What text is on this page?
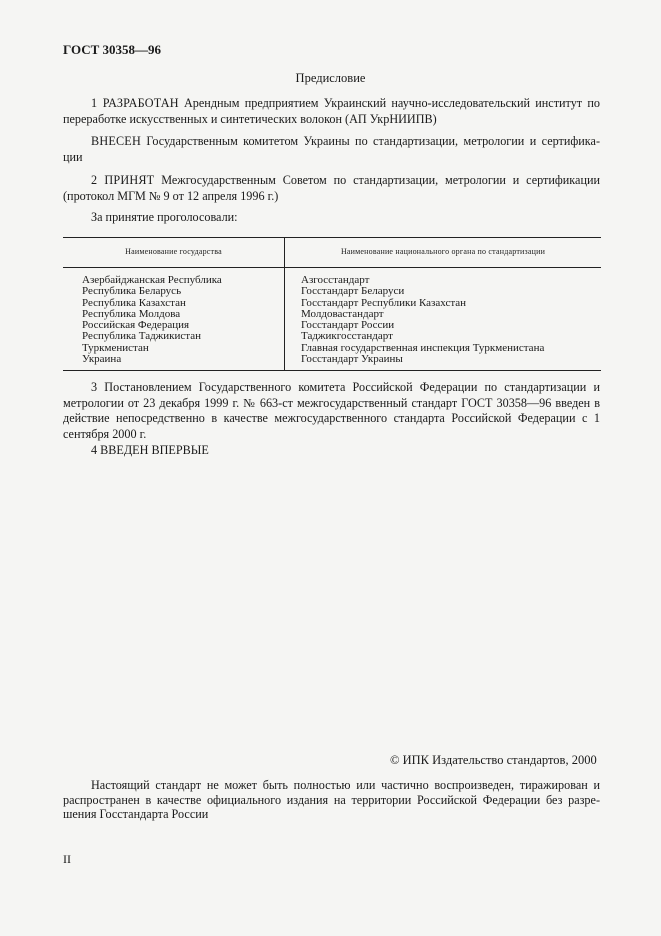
ГОСТ 30358—96
Предисловие
1 РАЗРАБОТАН Арендным предприятием Украинский научно-исследовательский институт по переработке искусственных и синтетических волокон (АП УкрНИИПВ)
ВНЕСЕН Государственным комитетом Украины по стандартизации, метрологии и сертифика-ции
2 ПРИНЯТ Межгосударственным Советом по стандартизации, метрологии и сертификации (протокол МГМ № 9 от 12 апреля 1996 г.)
За принятие проголосовали:
Наименование государства	Наименование национального органа по стандартизации
Азербайджанская Республика
Республика Беларусь
Республика Казахстан
Республика Молдова
Российская Федерация
Республика Таджикистан
Туркменистан
Украина
Азгосстандарт
Госстандарт Беларуси
Госстандарт Республики Казахстан
Молдовастандарт
Госстандарт России
Таджикгосстандарт
Главная государственная инспекция Туркменистана
Госстандарт Украины
3 Постановлением Государственного комитета Российской Федерации по стандартизации и метрологии от 23 декабря 1999 г. № 663-ст межгосударственный стандарт ГОСТ 30358—96 введен в действие непосредственно в качестве межгосударственного стандарта Российской Федерации с 1 сентября 2000 г.
4 ВВЕДЕН ВПЕРВЫЕ
© ИПК Издательство стандартов, 2000
Настоящий стандарт не может быть полностью или частично воспроизведен, тиражирован и распространен в качестве официального издания на территории Российской Федерации без разре-шения Госстандарта России
II
